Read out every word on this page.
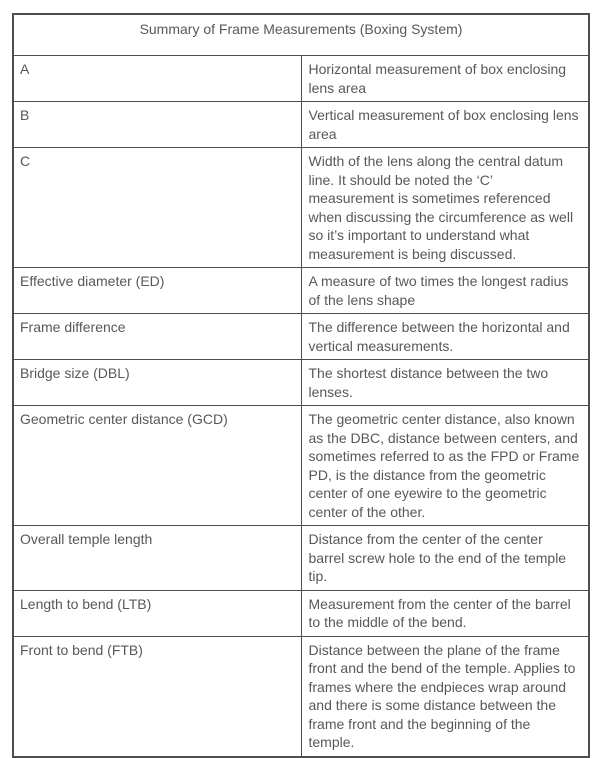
Summary of Frame Measurements (Boxing System)	
A	Horizontal measurement of box enclosing lens area
B	Vertical measurement of box enclosing lens area
C	Width of the lens along the central datum line. It should be noted the ‘C’ measurement is sometimes referenced when discussing the circumference as well so it’s important to understand what measurement is being discussed.
Effective diameter (ED)	A measure of two times the longest radius of the lens shape
Frame difference	The difference between the horizontal and vertical measurements.
Bridge size (DBL)	The shortest distance between the two lenses.
Geometric center distance (GCD)	The geometric center distance, also known as the DBC, distance between centers, and sometimes referred to as the FPD or Frame PD, is the distance from the geometric center of one eyewire to the geometric center of the other.
Overall temple length	Distance from the center of the center barrel screw hole to the end of the temple tip.
Length to bend (LTB)	Measurement from the center of the barrel to the middle of the bend.
Front to bend (FTB)	Distance between the plane of the frame front and the bend of the temple. Applies to frames where the endpieces wrap around and there is some distance between the frame front and the beginning of the temple.
